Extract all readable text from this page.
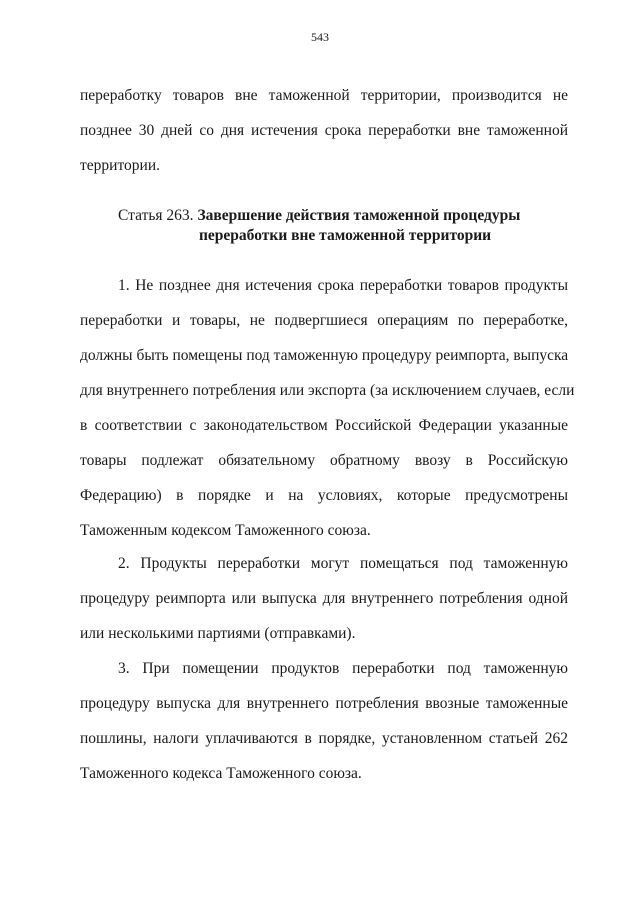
543
переработку товаров вне таможенной территории, производится не
позднее 30 дней со дня истечения срока переработки вне таможенной
территории.
Статья 263. Завершение действия таможенной процедуры
переработки вне таможенной территории
1. Не позднее дня истечения срока переработки товаров продукты
переработки и товары, не подвергшиеся операциям по переработке,
должны быть помещены под таможенную процедуру реимпорта, выпуска
для внутреннего потребления или экспорта (за исключением случаев, если
в соответствии с законодательством Российской Федерации указанные
товары подлежат обязательному обратному ввозу в Российскую
Федерацию) в порядке и на условиях, которые предусмотрены
Таможенным кодексом Таможенного союза.
2. Продукты переработки могут помещаться под таможенную
процедуру реимпорта или выпуска для внутреннего потребления одной
или несколькими партиями (отправками).
3. При помещении продуктов переработки под таможенную
процедуру выпуска для внутреннего потребления ввозные таможенные
пошлины, налоги уплачиваются в порядке, установленном статьей 262
Таможенного кодекса Таможенного союза.
